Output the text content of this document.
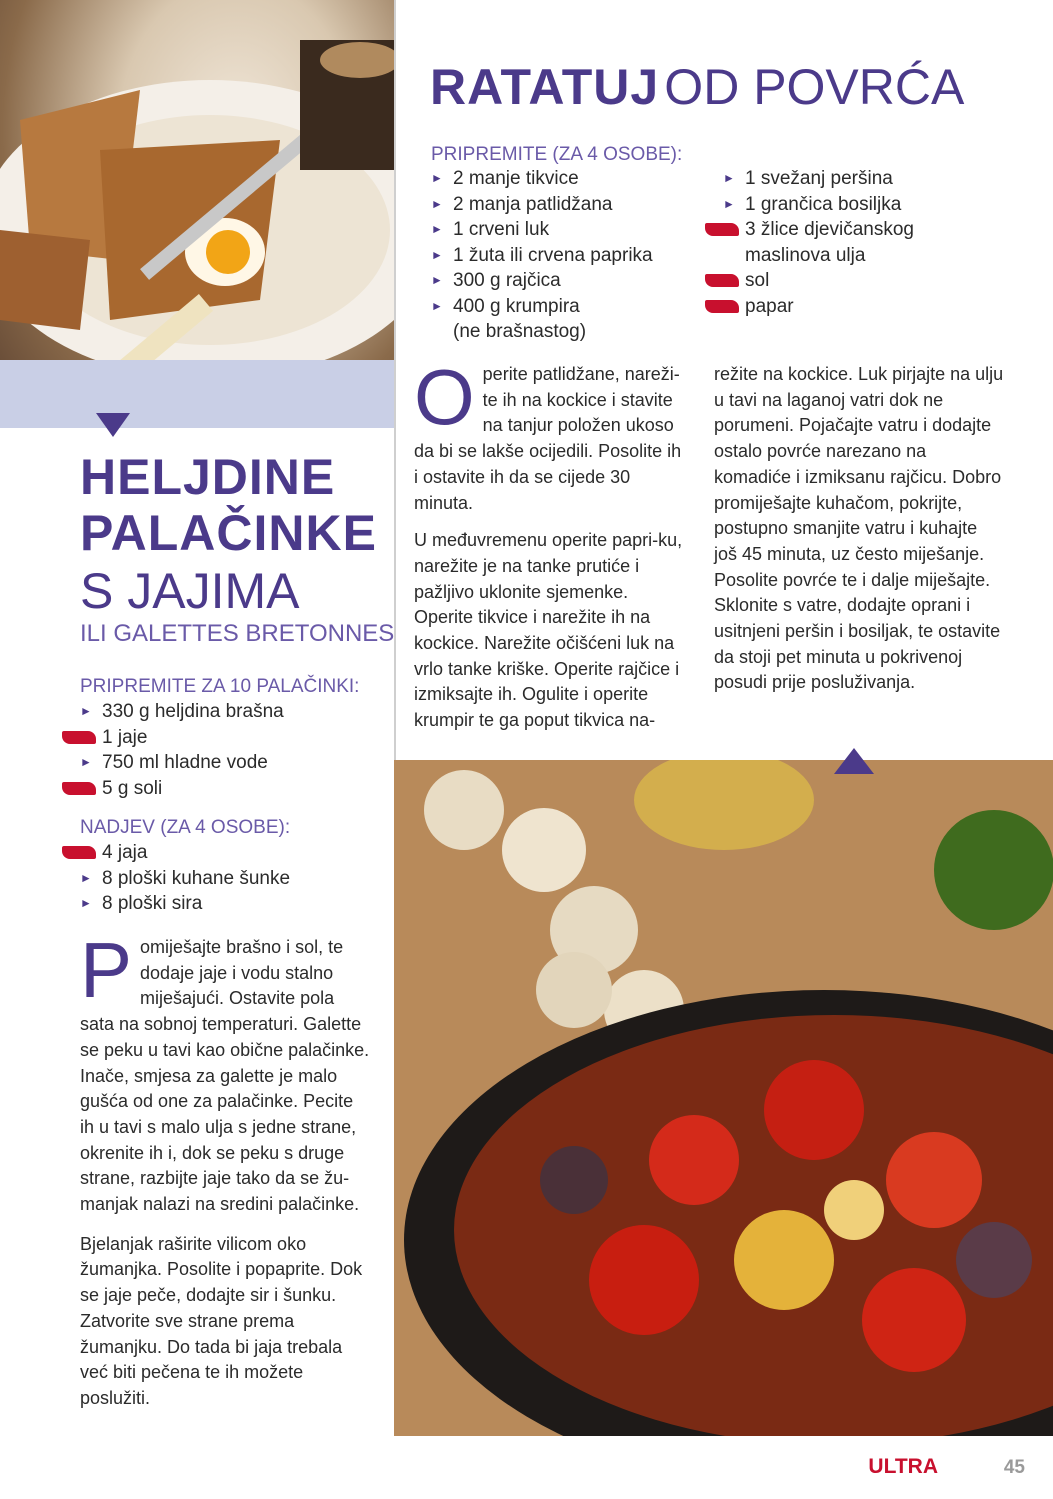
RATATUJ OD POVRĆA
PRIPREMITE (ZA 4 OSOBE):
► 2 manje tikvice
► 2 manja patlidžana
► 1 crveni luk
► 1 žuta ili crvena paprika
► 300 g rajčica
► 400 g krumpira
(ne brašnastog)
► 1 svežanj peršina
► 1 grančica bosiljka
3 žlice djevičanskog
maslinova ulja
sol
papar

Operite patlidžane, nareži-te ih na kockice i stavite na tanjur položen ukoso da bi se lakše ocijedili. Posolite ih i ostavite ih da se cijede 30 minuta.

U međuvremenu operite papri-ku, narežite je na tanke prutiće i pažljivo uklonite sjemenke. Operite tikvice i narežite ih na kockice. Narežite očišćeni luk na vrlo tanke kriške. Operite rajčice i izmiksajte ih. Ogulite i operite krumpir te ga poput tikvica na-

režite na kockice. Luk pirjajte na ulju u tavi na laganoj vatri dok ne porumeni. Pojačajte vatru i dodajte ostalo povrće narezano na komadiće i izmiksanu rajčicu. Dobro promiješajte kuhačom, pokrijte, postupno smanjite vatru i kuhajte još 45 minuta, uz često miješanje. Posolite povrće te i dalje miješajte. Sklonite s vatre, dodajte oprani i usitnjeni peršin i bosiljak, te ostavite da stoji pet minuta u pokrivenoj posudi prije posluživanja.

HELJDINE
PALAČINKE
S JAJIMA
ILI GALETTES BRETONNES
PRIPREMITE ZA 10 PALAČINKI:
► 330 g heljdina brašna
1 jaje
► 750 ml hladne vode
5 g soli
NADJEV (ZA 4 OSOBE):
4 jaja
► 8 ploški kuhane šunke
► 8 ploški sira

Pomiješajte brašno i sol, te dodaje jaje i vodu stalno miješajući. Ostavite pola sata na sobnoj temperaturi. Galette se peku u tavi kao obične palačinke. Inače, smjesa za galette je malo gušća od one za palačinke. Pecite ih u tavi s malo ulja s jedne strane, okrenite ih i, dok se peku s druge strane, razbijte jaje tako da se žu-manjak nalazi na sredini palačinke.

Bjelanjak raširite vilicom oko žumanjka. Posolite i popaprite. Dok se jaje peče, dodajte sir i šunku. Zatvorite sve strane prema žumanjku. Do tada bi jaja trebala već biti pečena te ih možete poslužiti.

ULTRA	45
